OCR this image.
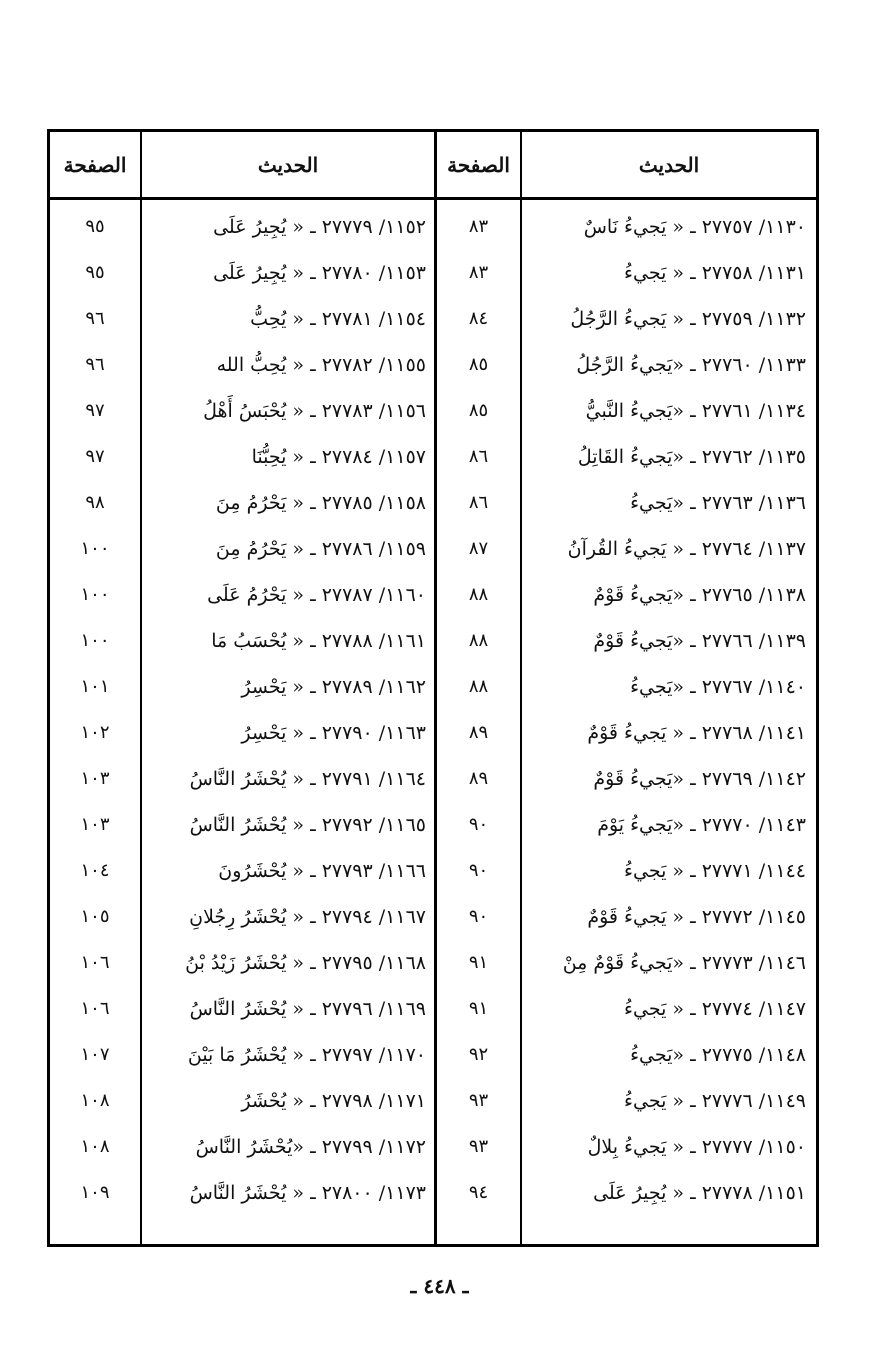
الصفحة	الحديث	الصفحة	الحديث
٩٥	١١٥٢/ ٢٧٧٧٩ ـ « يُجِيرُ عَلَى	٨٣	١١٣٠/ ٢٧٧٥٧ ـ « يَجيءُ نَاسٌ
٩٥	١١٥٣/ ٢٧٧٨٠ ـ « يُجِيرُ عَلَى	٨٣	١١٣١/ ٢٧٧٥٨ ـ « يَجيءُ
٩٦	١١٥٤/ ٢٧٧٨١ ـ « يُحِبُّ	٨٤	١١٣٢/ ٢٧٧٥٩ ـ « يَجيءُ الرَّجُلُ
٩٦	١١٥٥/ ٢٧٧٨٢ ـ « يُحِبُّ الله	٨٥	١١٣٣/ ٢٧٧٦٠ ـ «يَجيءُ الرَّجُلُ
٩٧	١١٥٦/ ٢٧٧٨٣ ـ « يُحْبَسُ أَهْلُ	٨٥	١١٣٤/ ٢٧٧٦١ ـ «يَجيءُ النَّبيُّ
٩٧	١١٥٧/ ٢٧٧٨٤ ـ « يُحِبُّنَا	٨٦	١١٣٥/ ٢٧٧٦٢ ـ «يَجيءُ القَاتِلُ
٩٨	١١٥٨/ ٢٧٧٨٥ ـ « يَحْرُمُ مِنَ	٨٦	١١٣٦/ ٢٧٧٦٣ ـ «يَجيءُ
١٠٠	١١٥٩/ ٢٧٧٨٦ ـ « يَحْرُمُ مِنَ	٨٧	١١٣٧/ ٢٧٧٦٤ ـ « يَجيءُ القُرآنُ
١٠٠	١١٦٠/ ٢٧٧٨٧ ـ « يَحْرُمُ عَلَى	٨٨	١١٣٨/ ٢٧٧٦٥ ـ «يَجيءُ قَوْمٌ
١٠٠	١١٦١/ ٢٧٧٨٨ ـ « يُحْسَبُ مَا	٨٨	١١٣٩/ ٢٧٧٦٦ ـ «يَجيءُ قَوْمٌ
١٠١	١١٦٢/ ٢٧٧٨٩ ـ « يَحْسِرُ	٨٨	١١٤٠/ ٢٧٧٦٧ ـ «يَجيءُ
١٠٢	١١٦٣/ ٢٧٧٩٠ ـ « يَحْسِرُ	٨٩	١١٤١/ ٢٧٧٦٨ ـ « يَجيءُ قَوْمٌ
١٠٣	١١٦٤/ ٢٧٧٩١ ـ « يُحْشَرُ النَّاسُ	٨٩	١١٤٢/ ٢٧٧٦٩ ـ «يَجيءُ قَوْمٌ
١٠٣	١١٦٥/ ٢٧٧٩٢ ـ « يُحْشَرُ النَّاسُ	٩٠	١١٤٣/ ٢٧٧٧٠ ـ «يَجيءُ يَوْمَ
١٠٤	١١٦٦/ ٢٧٧٩٣ ـ « يُحْشَرُونَ	٩٠	١١٤٤/ ٢٧٧٧١ ـ « يَجيءُ
١٠٥	١١٦٧/ ٢٧٧٩٤ ـ « يُحْشَرُ رِجُلانِ	٩٠	١١٤٥/ ٢٧٧٧٢ ـ « يَجيءُ قَوْمٌ
١٠٦	١١٦٨/ ٢٧٧٩٥ ـ « يُحْشَرُ زَيْدُ بْنُ	٩١	١١٤٦/ ٢٧٧٧٣ ـ «يَجيءُ قَوْمٌ مِنْ
١٠٦	١١٦٩/ ٢٧٧٩٦ ـ « يُحْشَرُ النَّاسُ	٩١	١١٤٧/ ٢٧٧٧٤ ـ « يَجيءُ
١٠٧	١١٧٠/ ٢٧٧٩٧ ـ « يُحْشَرُ مَا بَيْنَ	٩٢	١١٤٨/ ٢٧٧٧٥ ـ «يَجيءُ
١٠٨	١١٧١/ ٢٧٧٩٨ ـ « يُحْشَرُ	٩٣	١١٤٩/ ٢٧٧٧٦ ـ « يَجيءُ
١٠٨	١١٧٢/ ٢٧٧٩٩ ـ «يُحْشَرُ النَّاسُ	٩٣	١١٥٠/ ٢٧٧٧٧ ـ « يَجيءُ بِلالٌ
١٠٩	١١٧٣/ ٢٧٨٠٠ ـ « يُحْشَرُ النَّاسُ	٩٤	١١٥١/ ٢٧٧٧٨ ـ « يُجِيرُ عَلَى
ـ ٤٤٨ ـ
